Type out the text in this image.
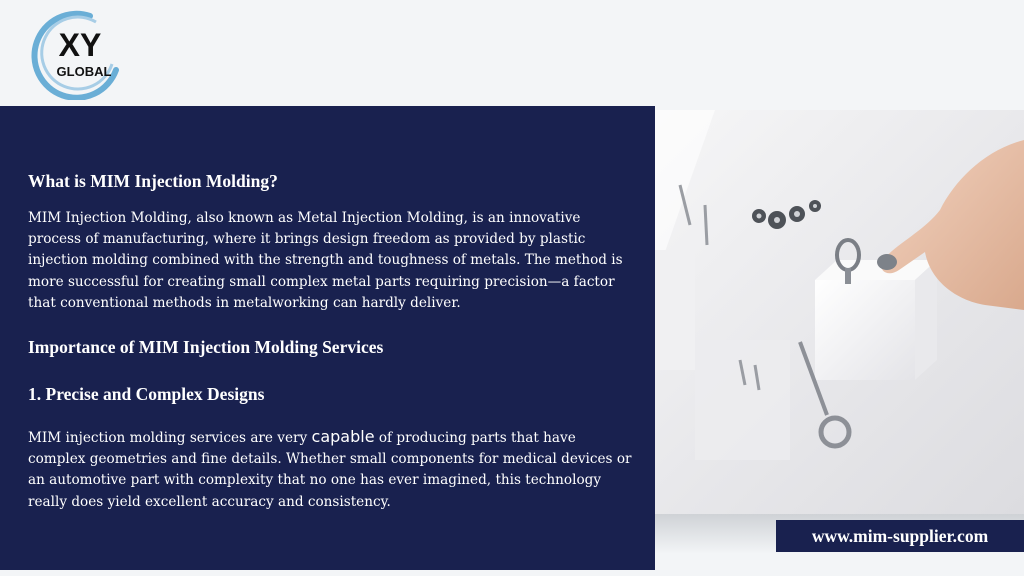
XY
GLOBAL
What is MIM Injection Molding?

MIM Injection Molding, also known as Metal Injection Molding, is an innovative process of manufacturing, where it brings design freedom as provided by plastic injection molding combined with the strength and toughness of metals. The method is more successful for creating small complex metal parts requiring precision—a factor that conventional methods in metalworking can hardly deliver.

Importance of MIM Injection Molding Services
1. Precise and Complex Designs

MIM injection molding services are very capable of producing parts that have complex geometries and fine details. Whether small components for medical devices or an automotive part with complexity that no one has ever imagined, this technology really does yield excellent accuracy and consistency.

www.mim-supplier.com
